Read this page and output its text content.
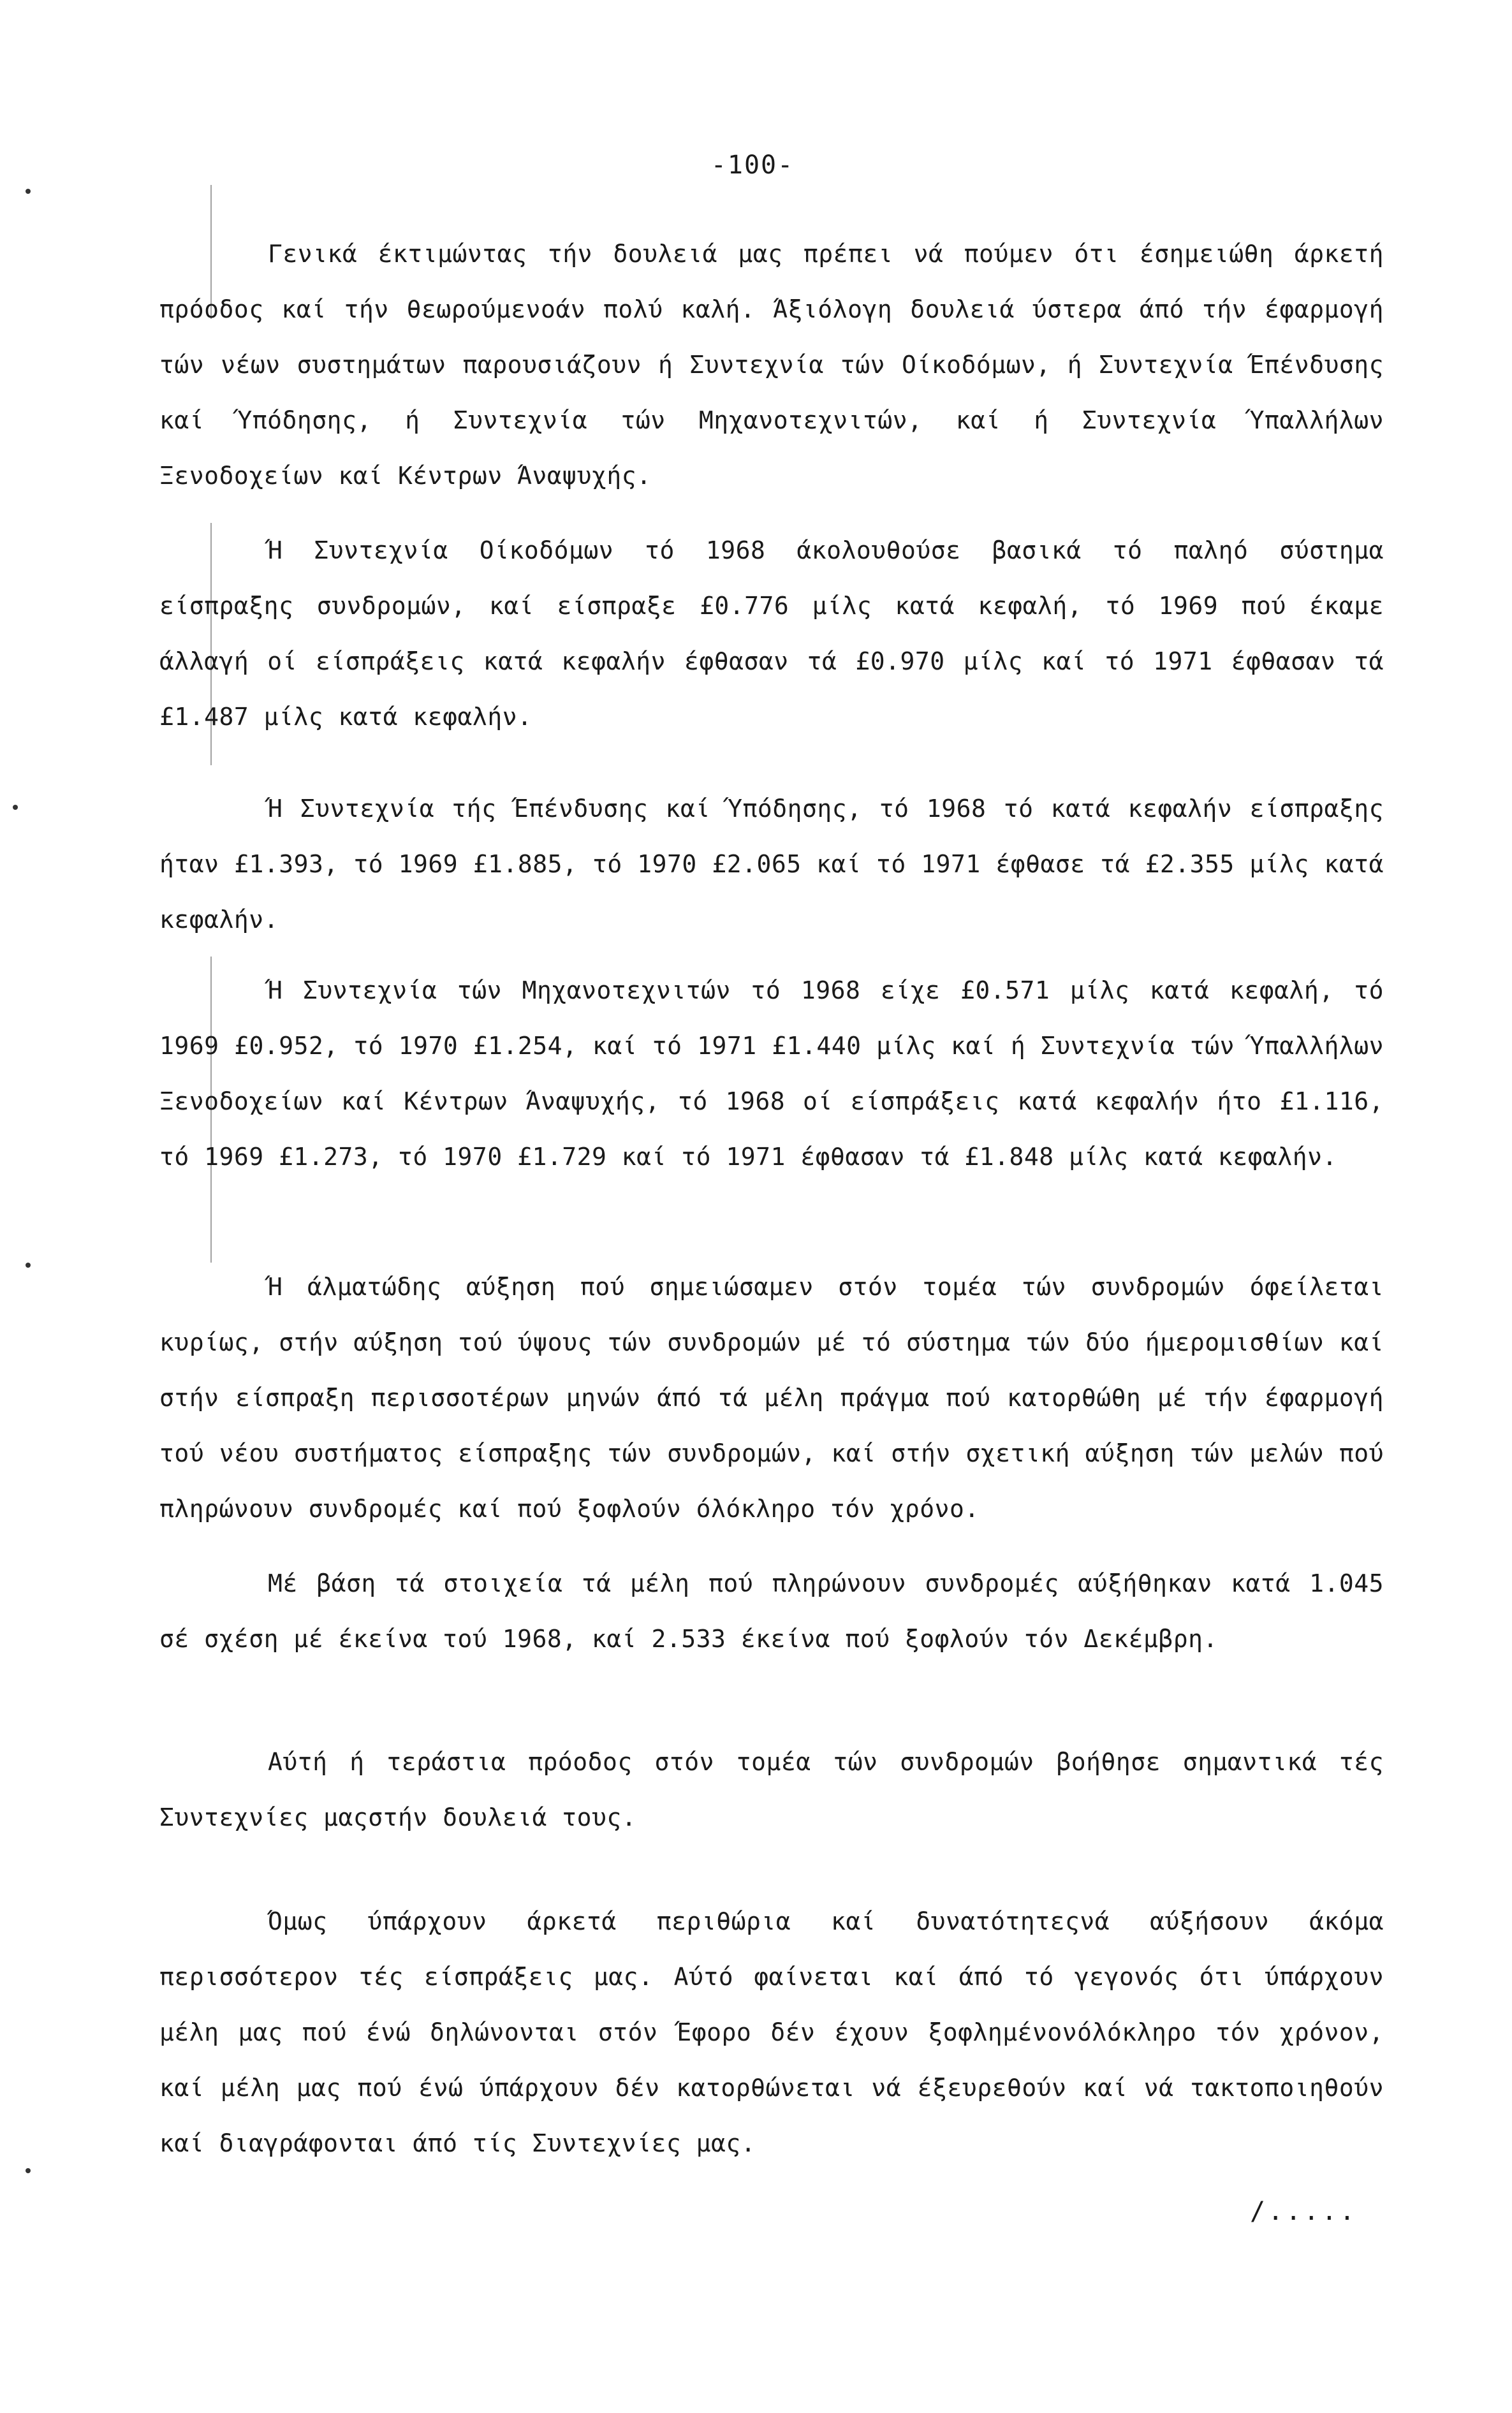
-100-

Γενικά έκτιμώντας τήν δουλειά μας πρέπει νά πούμεν ότι έσημειώθη άρκετή πρόοδος καί τήν θεωρούμενοάν πολύ καλή. Άξιόλογη δουλειά ύστερα άπό τήν έφαρμογή τών νέων συστημάτων παρουσιάζουν ή Συντεχνία τών Οίκοδόμων, ή Συντεχνία Έπένδυσης καί Ύπόδησης, ή Συντεχνία τών Μηχανοτεχνιτών, καί ή Συντεχνία Ύπαλλήλων Ξενοδοχείων καί Κέντρων Άναψυχής.

Ή Συντεχνία Οίκοδόμων τό 1968 άκολουθούσε βασικά τό παληό σύστημα είσπραξης συνδρομών, καί είσπραξε £0.776 μίλς κατά κεφαλή, τό 1969 πού έκαμε άλλαγή οί είσπράξεις κατά κεφαλήν έφθασαν τά £0.970 μίλς καί τό 1971 έφθασαν τά £1.487 μίλς κατά κεφαλήν.

Ή Συντεχνία τής Έπένδυσης καί Ύπόδησης, τό 1968 τό κατά κεφαλήν είσπραξης ήταν £1.393, τό 1969 £1.885, τό 1970 £2.065 καί τό 1971 έφθασε τά £2.355 μίλς κατά κεφαλήν.

Ή Συντεχνία τών Μηχανοτεχνιτών τό 1968 είχε £0.571 μίλς κατά κεφαλή, τό 1969 £0.952, τό 1970 £1.254, καί τό 1971 £1.440 μίλς καί ή Συντεχνία τών Ύπαλλήλων Ξενοδοχείων καί Κέντρων Άναψυχής, τό 1968 οί είσπράξεις κατά κεφαλήν ήτο £1.116, τό 1969 £1.273, τό 1970 £1.729 καί τό 1971 έφθασαν τά £1.848 μίλς κατά κεφαλήν.

Ή άλματώδης αύξηση πού σημειώσαμεν στόν τομέα τών συνδρομών όφείλεται κυρίως, στήν αύξηση τού ύψους τών συνδρομών μέ τό σύστημα τών δύο ήμερομισθίων καί στήν είσπραξη περισσοτέρων μηνών άπό τά μέλη πράγμα πού κατορθώθη μέ τήν έφαρμογή τού νέου συστήματος είσπραξης τών συνδρομών, καί στήν σχετική αύξηση τών μελών πού πληρώνουν συνδρομές καί πού ξοφλούν όλόκληρο τόν χρόνο.

Μέ βάση τά στοιχεία τά μέλη πού πληρώνουν συνδρομές αύξήθηκαν κατά 1.045 σέ σχέση μέ έκείνα τού 1968, καί 2.533 έκείνα πού ξοφλούν τόν Δεκέμβρη.

Αύτή ή τεράστια πρόοδος στόν τομέα τών συνδρομών βοήθησε σημαντικά τές Συντεχνίες μαςστήν δουλειά τους.

Όμως ύπάρχουν άρκετά περιθώρια καί δυνατότητεςνά αύξήσουν άκόμα περισσότερον τές είσπράξεις μας. Αύτό φαίνεται καί άπό τό γεγονός ότι ύπάρχουν μέλη μας πού ένώ δηλώνονται στόν Έφορο δέν έχουν ξοφλημένονόλόκληρο τόν χρόνον, καί μέλη μας πού ένώ ύπάρχουν δέν κατορθώνεται νά έξευρεθούν καί νά τακτοποιηθούν καί διαγράφονται άπό τίς Συντεχνίες μας.

/.....
